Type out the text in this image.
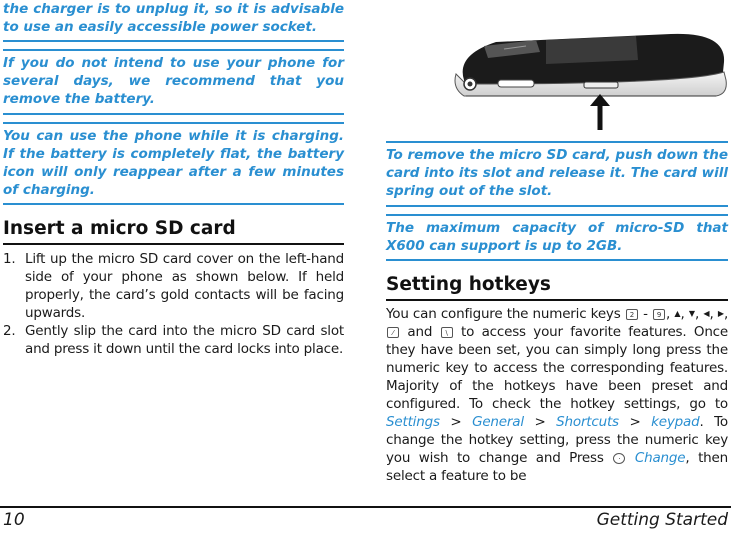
the charger is to unplug it, so it is advisable to use an easily accessible power socket.

If you do not intend to use your phone for several days, we recommend that you remove the battery.

You can use the phone while it is charging. If the battery is completely flat, the battery icon will only reappear after a few minutes of charging.

Insert a micro SD card
1. Lift up the micro SD card cover on the left-hand side of your phone as shown below. If held properly, the card’s gold contacts will be facing upwards.
2. Gently slip the card into the micro SD card slot and press it down until the card locks into place.

To remove the micro SD card, push down the card into its slot and release it. The card will spring out of the slot.

The maximum capacity of micro-SD that X600 can support is up to 2GB.

Setting hotkeys

You can configure the numeric keys 2 - 9 , ▲, ▼, ◀, ▶, ⁄ and \ to access your favorite features. Once they have been set, you can simply long press the numeric key to access the corresponding features. Majority of the hotkeys have been preset and configured. To check the hotkey settings, go to Settings > General > Shortcuts > keypad. To change the hotkey setting, press the numeric key you wish to change and Press · Change, then select a feature to be

10	Getting Started
